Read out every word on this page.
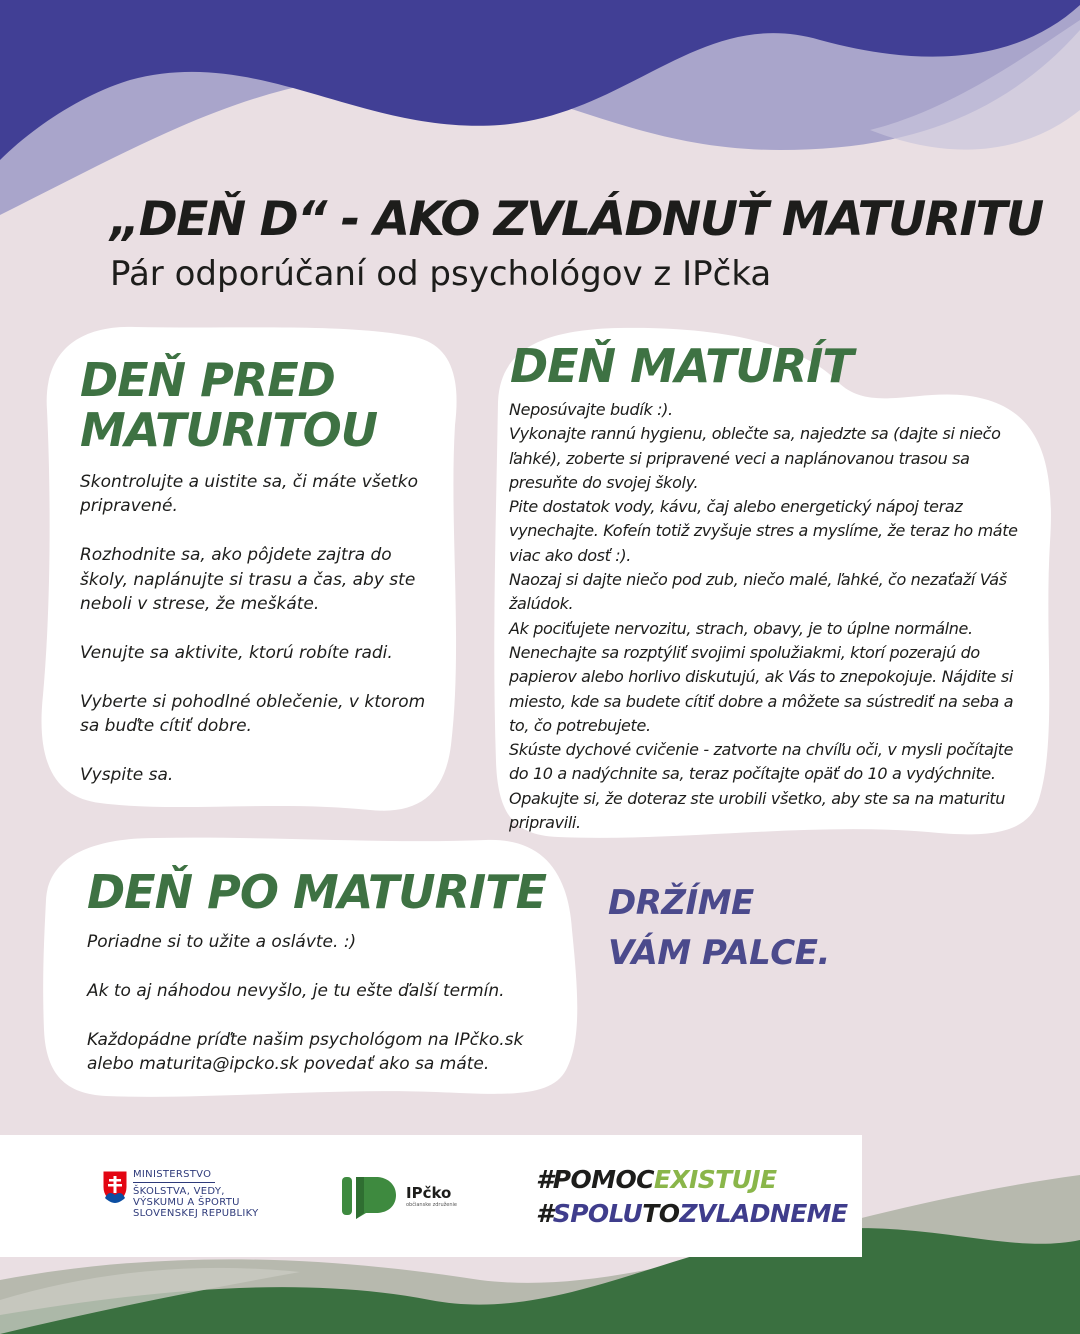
„DEŇ D“ - AKO ZVLÁDNUŤ MATURITU

Pár odporúčaní od psychológov z IPčka

DEŇ PRED
MATURITOU

Skontrolujte a uistite sa, či máte všetko pripravené.

Rozhodnite sa, ako pôjdete zajtra do školy, naplánujte si trasu a čas, aby ste neboli v strese, že meškáte.

Venujte sa aktivite, ktorú robíte radi.

Vyberte si pohodlné oblečenie, v ktorom sa buďte cítiť dobre.

Vyspite sa.

DEŇ MATURÍT

Neposúvajte budík :).

Vykonajte rannú hygienu, oblečte sa, najedzte sa (dajte si niečo ľahké), zoberte si pripravené veci a naplánovanou trasou sa presuňte do svojej školy.

Pite dostatok vody, kávu, čaj alebo energetický nápoj teraz vynechajte. Kofeín totiž zvyšuje stres a myslíme, že teraz ho máte viac ako dosť :).

Naozaj si dajte niečo pod zub, niečo malé, ľahké, čo nezaťaží Váš žalúdok.

Ak pociťujete nervozitu, strach, obavy, je to úplne normálne.

Nenechajte sa rozptýliť svojimi spolužiakmi, ktorí pozerajú do papierov alebo horlivo diskutujú, ak Vás to znepokojuje. Nájdite si miesto, kde sa budete cítiť dobre a môžete sa sústrediť na seba a to, čo potrebujete.

Skúste dychové cvičenie - zatvorte na chvíľu oči, v mysli počítajte do 10 a nadýchnite sa, teraz počítajte opäť do 10 a vydýchnite.

Opakujte si, že doteraz ste urobili všetko, aby ste sa na maturitu pripravili.

DEŇ PO MATURITE

Poriadne si to užite a oslávte. :)

Ak to aj náhodou nevyšlo, je tu ešte ďalší termín.

Každopádne príďte našim psychológom na IPčko.sk alebo maturita@ipcko.sk povedať ako sa máte.

DRŽÍME
VÁM PALCE.

MINISTERSTVO
ŠKOLSTVA, VEDY, VÝSKUMU A ŠPORTU SLOVENSKEJ REPUBLIKY
IPčko
občianske združenie
#POMOCEXISTUJE
#SPOLUTOZVLADNEME
